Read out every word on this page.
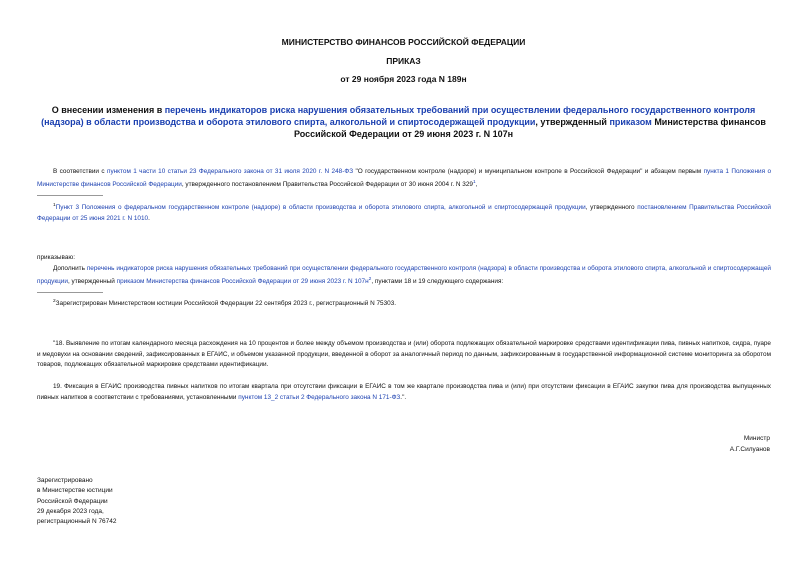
МИНИСТЕРСТВО ФИНАНСОВ РОССИЙСКОЙ ФЕДЕРАЦИИ
ПРИКАЗ
от 29 ноября 2023 года N 189н
О внесении изменения в перечень индикаторов риска нарушения обязательных требований при осуществлении федерального государственного контроля (надзора) в области производства и оборота этилового спирта, алкогольной и спиртосодержащей продукции, утвержденный приказом Министерства финансов Российской Федерации от 29 июня 2023 г. N 107н
В соответствии с пунктом 1 части 10 статьи 23 Федерального закона от 31 июля 2020 г. N 248-ФЗ "О государственном контроле (надзоре) и муниципальном контроле в Российской Федерации" и абзацем первым пункта 1 Положения о Министерстве финансов Российской Федерации, утвержденного постановлением Правительства Российской Федерации от 30 июня 2004 г. N $329^1$,
$^1$Пункт 3 Положения о федеральном государственном контроле (надзоре) в области производства и оборота этилового спирта, алкогольной и спиртосодержащей продукции, утвержденного постановлением Правительства Российской Федерации от 25 июня 2021 г. N 1010.
приказываю:
Дополнить перечень индикаторов риска нарушения обязательных требований при осуществлении федерального государственного контроля (надзора) в области производства и оборота этилового спирта, алкогольной и спиртосодержащей продукции, утвержденный приказом Министерства финансов Российской Федерации от 29 июня 2023 г. N $107н^2$, пунктами 18 и 19 следующего содержания:
$^2$Зарегистрирован Министерством юстиции Российской Федерации 22 сентября 2023 г., регистрационный N 75303.
"18. Выявление по итогам календарного месяца расхождения на 10 процентов и более между объемом производства и (или) оборота подлежащих обязательной маркировке средствами идентификации пива, пивных напитков, сидра, пуаре и медовухи на основании сведений, зафиксированных в ЕГАИС, и объемом указанной продукции, введенной в оборот за аналогичный период по данным, зафиксированным в государственной информационной системе мониторинга за оборотом товаров, подлежащих обязательной маркировке средствами идентификации.
19. Фиксация в ЕГАИС производства пивных напитков по итогам квартала при отсутствии фиксации в ЕГАИС в том же квартале производства пива и (или) при отсутствии фиксации в ЕГАИС закупки пива для производства выпущенных пивных напитков в соответствии с требованиями, установленными пунктом 13_2 статьи 2 Федерального закона N 171-ФЗ.".
Министр
А.Г.Силуанов
Зарегистрировано
в Министерстве юстиции
Российской Федерации
29 декабря 2023 года,
регистрационный N 76742
